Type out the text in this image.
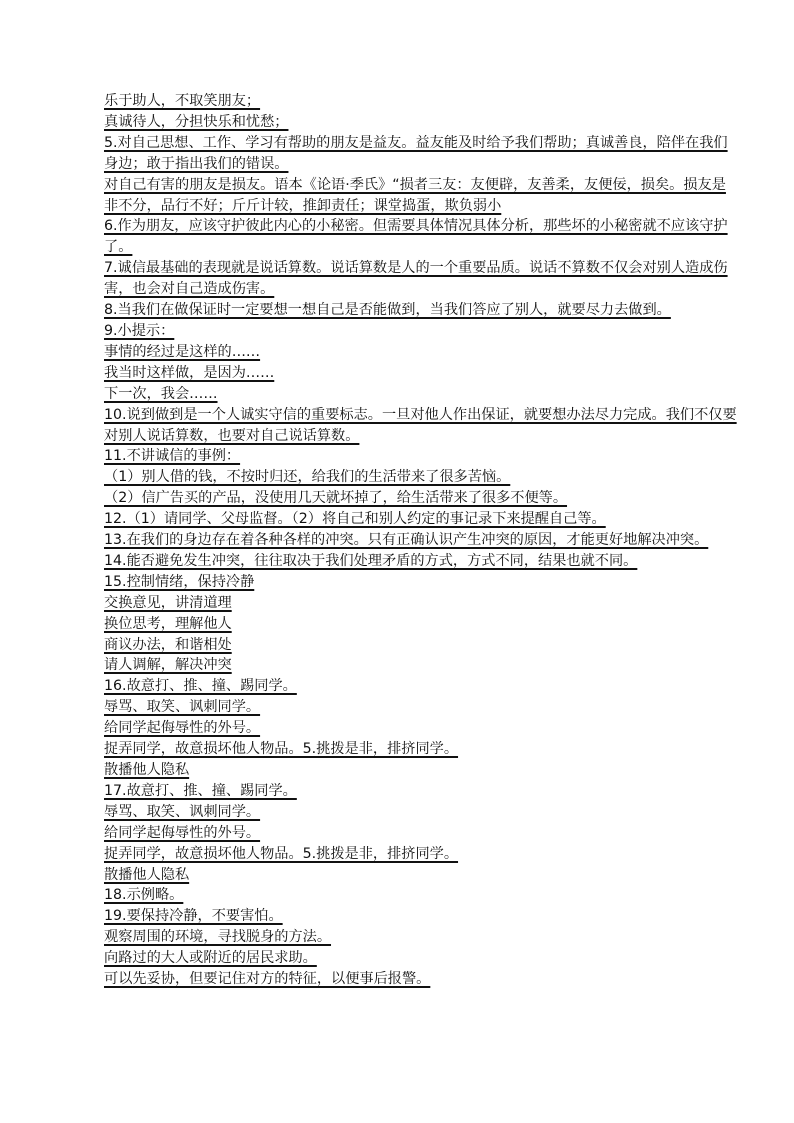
乐于助人，不取笑朋友；
真诚待人，分担快乐和忧愁；
5.对自己思想、工作、学习有帮助的朋友是益友。益友能及时给予我们帮助；真诚善良，陪伴在我们身边；敢于指出我们的错误。
对自己有害的朋友是损友。语本《论语·季氏》“损者三友：友便辟，友善柔，友便佞，损矣。损友是非不分，品行不好；斤斤计较，推卸责任；课堂捣蛋，欺负弱小
6.作为朋友，应该守护彼此内心的小秘密。但需要具体情况具体分析，那些坏的小秘密就不应该守护了。
7.诚信最基础的表现就是说话算数。说话算数是人的一个重要品质。说话不算数不仅会对别人造成伤害，也会对自己造成伤害。
8.当我们在做保证时一定要想一想自己是否能做到，当我们答应了别人，就要尽力去做到。
9.小提示：
事情的经过是这样的……
我当时这样做，是因为……
下一次，我会……
10.说到做到是一个人诚实守信的重要标志。一旦对他人作出保证，就要想办法尽力完成。我们不仅要对别人说话算数，也要对自己说话算数。
11.不讲诚信的事例：
（1）别人借的钱，不按时归还，给我们的生活带来了很多苦恼。
（2）信广告买的产品，没使用几天就坏掉了，给生活带来了很多不便等。
12.（1）请同学、父母监督。（2）将自己和别人约定的事记录下来提醒自己等。
13.在我们的身边存在着各种各样的冲突。只有正确认识产生冲突的原因，才能更好地解决冲突。
14.能否避免发生冲突，往往取决于我们处理矛盾的方式，方式不同，结果也就不同。
15.控制情绪，保持冷静
交换意见，讲清道理
换位思考，理解他人
商议办法，和谐相处
请人调解，解决冲突
16.故意打、推、撞、踢同学。
辱骂、取笑、讽刺同学。
给同学起侮辱性的外号。
捉弄同学，故意损坏他人物品。5.挑拨是非，排挤同学。
散播他人隐私
17.故意打、推、撞、踢同学。
辱骂、取笑、讽刺同学。
给同学起侮辱性的外号。
捉弄同学，故意损坏他人物品。5.挑拨是非，排挤同学。
散播他人隐私
18.示例略。
19.要保持冷静，不要害怕。
观察周围的环境，寻找脱身的方法。
向路过的大人或附近的居民求助。
可以先妥协，但要记住对方的特征，以便事后报警。
